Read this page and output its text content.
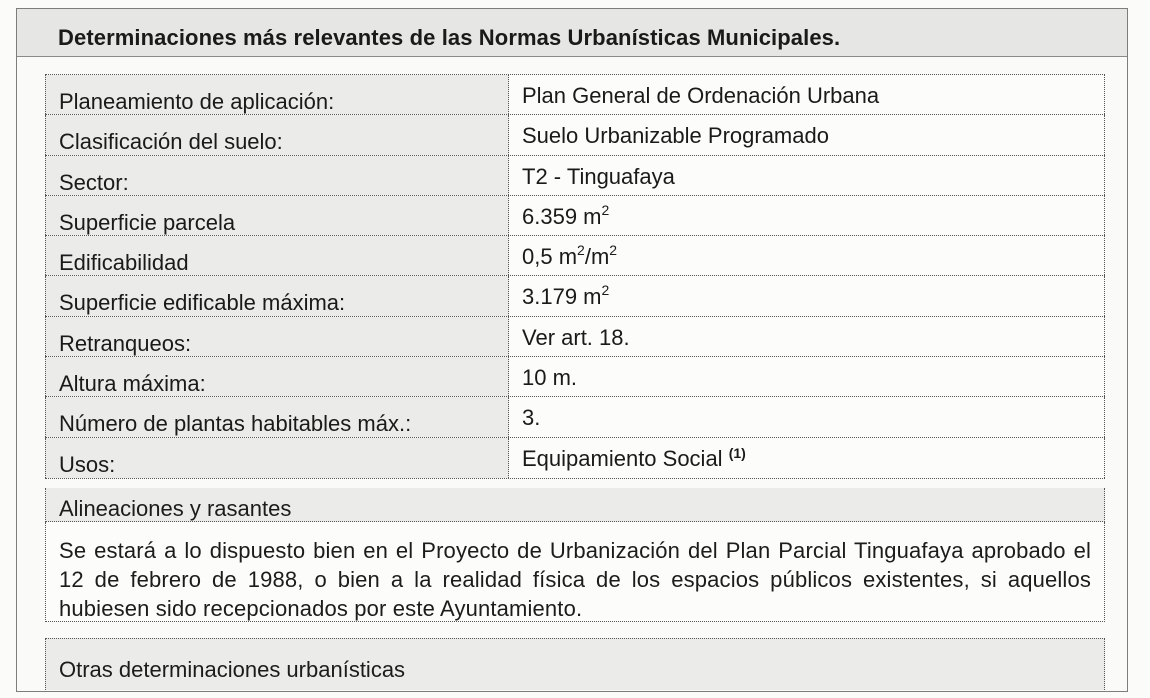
Determinaciones más relevantes de las Normas Urbanísticas Municipales.
Planeamiento de aplicación:	Plan General de Ordenación Urbana
Clasificación del suelo:	Suelo Urbanizable Programado
Sector:	T2 - Tinguafaya
Superficie parcela	6.359 $m^2$
Edificabilidad	0,5 $m^2/m^2$
Superficie edificable máxima:	3.179 $m^2$
Retranqueos:	Ver art. 18.
Altura máxima:	10 m.
Número de plantas habitables máx.:	3.
Usos:	Equipamiento Social $^{(1)}$
Alineaciones y rasantes
Se estará a lo dispuesto bien en el Proyecto de Urbanización del Plan Parcial Tinguafaya aprobado el 12 de febrero de 1988, o bien a la realidad física de los espacios públicos existentes, si aquellos hubiesen sido recepcionados por este Ayuntamiento.
Otras determinaciones urbanísticas
